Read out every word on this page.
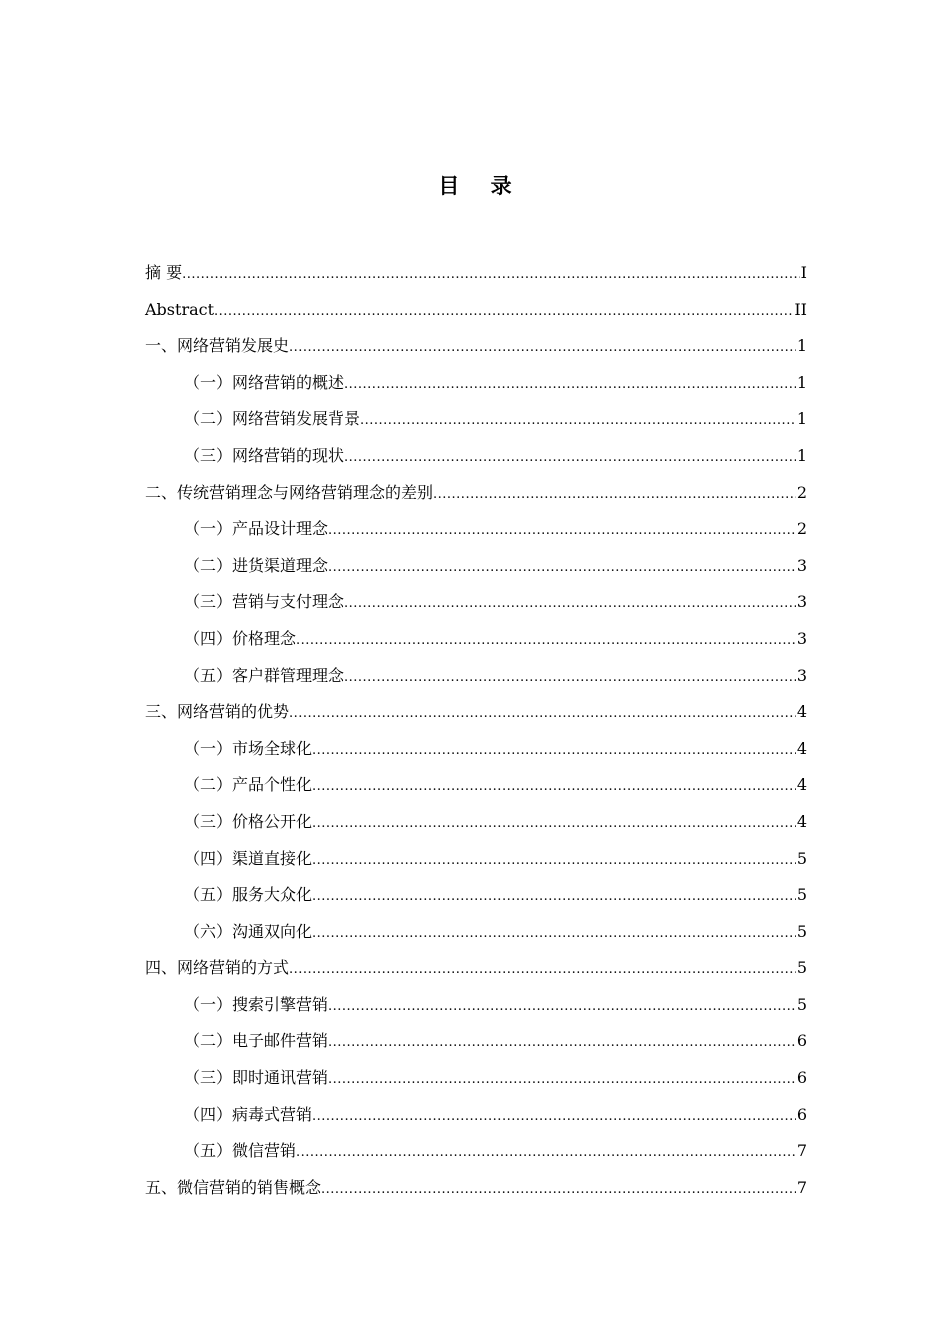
目 录
摘 要 .....	I
Abstract .....	II
一、网络营销发展史 .....	1
（一）网络营销的概述 .....	1
（二）网络营销发展背景 .....	1
（三）网络营销的现状 .....	1
二、传统营销理念与网络营销理念的差别 .....	2
（一）产品设计理念 .....	2
（二）进货渠道理念 .....	3
（三）营销与支付理念 .....	3
（四）价格理念 .....	3
（五）客户群管理理念 .....	3
三、网络营销的优势 .....	4
（一）市场全球化 .....	4
（二）产品个性化 .....	4
（三）价格公开化 .....	4
（四）渠道直接化 .....	5
（五）服务大众化 .....	5
（六）沟通双向化 .....	5
四、网络营销的方式 .....	5
（一）搜索引擎营销 .....	5
（二）电子邮件营销 .....	6
（三）即时通讯营销 .....	6
（四）病毒式营销 .....	6
（五）微信营销 .....	7
五、微信营销的销售概念 .....	7
